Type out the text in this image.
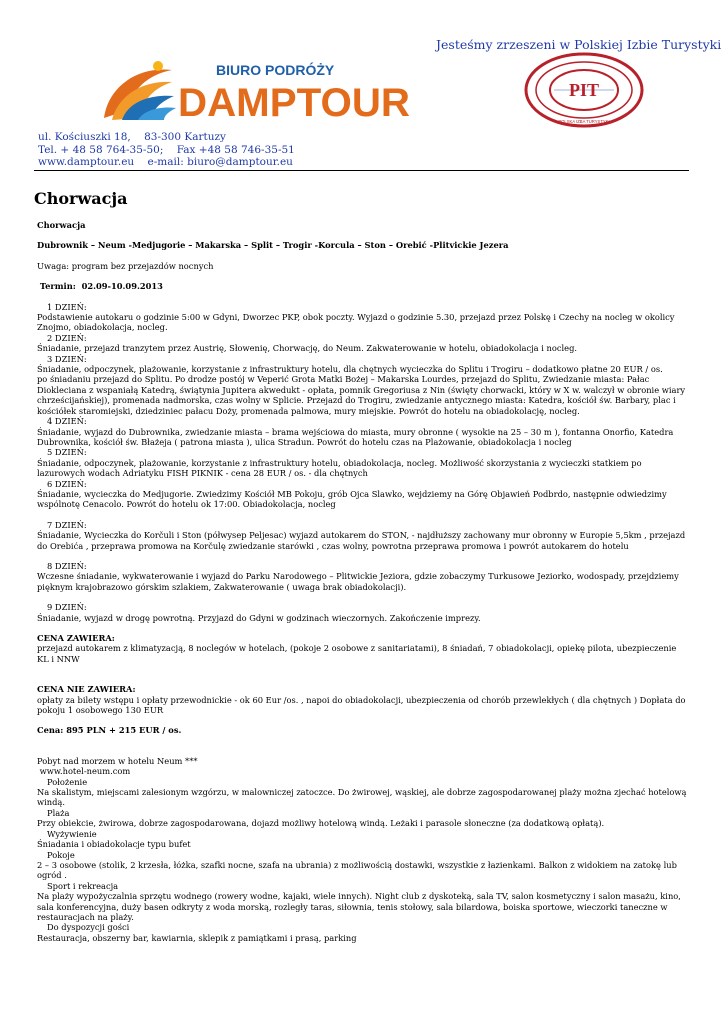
Jesteśmy zrzeszeni w Polskiej Izbie Turystyki
BIURO PODRÓŻY
DAMPTOUR	PIT
POLSKA IZBA TURYSTYKI
ul. Kościuszki 18,    83-300 Kartuzy
Tel. + 48 58 764-35-50;    Fax +48 58 746-35-51
www.damptour.eu    e-mail: biuro@damptour.eu
Chorwacja

Chorwacja

Dubrownik – Neum -Medjugorie – Makarska – Split – Trogir -Korcula – Ston – Orebić -Plitvickie Jezera

Uwaga: program bez przejazdów nocnych

Termin:  02.09-10.09.2013

1 DZIEŃ:

Podstawienie autokaru o godzinie 5:00 w Gdyni, Dworzec PKP, obok poczty. Wyjazd o godzinie 5.30, przejazd przez Polskę i Czechy na nocleg w okolicy Znojmo, obiadokolacja, nocleg.

2 DZIEŃ:

Śniadanie, przejazd tranzytem przez Austrię, Słowenię, Chorwację, do Neum. Zakwaterowanie w hotelu, obiadokolacja i nocleg.

3 DZIEŃ:

Śniadanie, odpoczynek, plażowanie, korzystanie z infrastruktury hotelu, dla chętnych wycieczka do Splitu i Trogiru – dodatkowo płatne 20 EUR / os.

po śniadaniu przejazd do Splitu. Po drodze postój w Veperić Grota Matki Bożej – Makarska Lourdes, przejazd do Splitu, Zwiedzanie miasta: Pałac Diokleciana z wspaniałą Katedrą, świątynia Jupitera akwedukt - opłata, pomnik Gregoriusa z Nin (święty chorwacki, który w X w. walczył w obronie wiary chrześcijańskiej), promenada nadmorska, czas wolny w Splicie. Przejazd do Trogiru, zwiedzanie antycznego miasta: Katedra, kościół św. Barbary, plac i kościółek staromiejski, dziedziniec pałacu Doży, promenada palmowa, mury miejskie. Powrót do hotelu na obiadokolację, nocleg.

4 DZIEŃ:

Śniadanie, wyjazd do Dubrownika, zwiedzanie miasta – brama wejściowa do miasta, mury obronne ( wysokie na 25 – 30 m ), fontanna Onorfio, Katedra Dubrownika, kościół św. Błażeja ( patrona miasta ), ulica Stradun. Powrót do hotelu czas na Plażowanie, obiadokolacja i nocleg

5 DZIEŃ:

Śniadanie, odpoczynek, plażowanie, korzystanie z infrastruktury hotelu, obiadokolacja, nocleg. Możliwość skorzystania z wycieczki statkiem po lazurowych wodach Adriatyku FISH PIKNIK - cena 28 EUR / os. - dla chętnych

6 DZIEŃ:

Śniadanie, wycieczka do Medjugorie. Zwiedzimy Kościół MB Pokoju, grób Ojca Slawko, wejdziemy na Górę Objawień Podbrdo, następnie odwiedzimy wspólnotę Cenacolo. Powrót do hotelu ok 17:00. Obiadokolacja, nocleg

7 DZIEŃ:

Śniadanie, Wycieczka do Korčuli i Ston (półwysep Peljesac) wyjazd autokarem do STON, - najdłuższy zachowany mur obronny w Europie 5,5km , przejazd do Orebića , przeprawa promowa na Korčulę zwiedzanie starówki , czas wolny, powrotna przeprawa promowa i powrót autokarem do hotelu

8 DZIEŃ:

Wczesne śniadanie, wykwaterowanie i wyjazd do Parku Narodowego – Plitwickie Jeziora, gdzie zobaczymy Turkusowe Jeziorko, wodospady, przejdziemy pięknym krajobrazowo górskim szlakiem, Zakwaterowanie ( uwaga brak obiadokolacji).

9 DZIEŃ:

Śniadanie, wyjazd w drogę powrotną. Przyjazd do Gdyni w godzinach wieczornych. Zakończenie imprezy.

CENA ZAWIERA:

przejazd autokarem z klimatyzacją, 8 noclegów w hotelach, (pokoje 2 osobowe z sanitariatami), 8 śniadań, 7 obiadokolacji, opiekę pilota, ubezpieczenie KL i NNW

CENA NIE ZAWIERA:

opłaty za bilety wstępu i opłaty przewodnickie - ok 60 Eur /os. , napoi do obiadokolacji, ubezpieczenia od chorób przewlekłych ( dla chętnych ) Dopłata do pokoju 1 osobowego 130 EUR

Cena: 895 PLN + 215 EUR / os.

Pobyt nad morzem w hotelu Neum ***

www.hotel-neum.com

Położenie

Na skalistym, miejscami zalesionym wzgórzu, w malowniczej zatoczce. Do żwirowej, wąskiej, ale dobrze zagospodarowanej plaży można zjechać hotelową windą.

Plaża

Przy obiekcie, żwirowa, dobrze zagospodarowana, dojazd możliwy hotelową windą. Leżaki i parasole słoneczne (za dodatkową opłatą).

Wyżywienie

Śniadania i obiadokolacje typu bufet

Pokoje

2 – 3 osobowe (stolik, 2 krzesła, łóżka, szafki nocne, szafa na ubrania) z możliwością dostawki, wszystkie z łazienkami. Balkon z widokiem na zatokę lub ogród .

Sport i rekreacja

Na plaży wypożyczalnia sprzętu wodnego (rowery wodne, kajaki, wiele innych). Night club z dyskoteką, sala TV, salon kosmetyczny i salon masażu, kino, sala konferencyjna, duży basen odkryty z woda morską, rozległy taras, siłownia, tenis stołowy, sala bilardowa, boiska sportowe, wieczorki taneczne w restauracjach na plaży.

Do dyspozycji gości

Restauracja, obszerny bar, kawiarnia, sklepik z pamiątkami i prasą, parking
